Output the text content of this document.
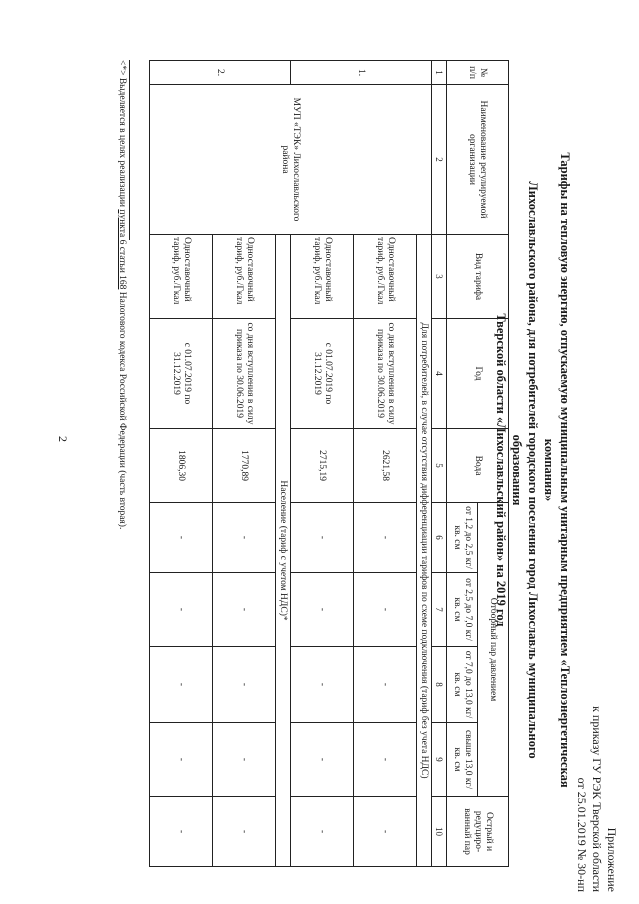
2
Приложение
к приказу ГУ РЭК Тверской области
от 25.01.2019 № 30-нп
Тарифы на тепловую энергию, отпускаемую муниципальным унитарным предприятием «Теплоэнергетическая компания»
Лихославльского района, для потребителей городского поселения город Лихославль муниципального образования
Тверской области «Лихославльский район» на 2019 год
№ п/п	Наименование регулируемой организации	Вид тарифа	Год	Вода	Отборный пар давлением				Острый и редуциро-ванный пар
					от 1,2 до 2,5 кг/кв. см	от 2,5 до 7,0 кг/кв. см	от 7,0 до 13,0 кг/кв. см	свыше 13,0 кг/кв. см	
1	2	3	4	5	6	7	8	9	10
1.	МУП «ТЭК» Лихославльского района	Для потребителей, в случае отсутствия дифференциации тарифов по схеме подключения (тариф без учета НДС)							
		Одноставочный тариф, руб./Гкал	со дня вступления в силу приказа по 30.06.2019	2621,58	-	-	-	-	-
		Одноставочный тариф, руб./Гкал	с 01.07.2019 по 31.12.2019	2715,19	-	-	-	-	-
2.		Население (тариф с учетом НДС)*							
		Одноставочный тариф, руб./Гкал	со дня вступления в силу приказа по 30.06.2019	1770,89	-	-	-	-	-
		Одноставочный тариф, руб./Гкал	с 01.07.2019 по 31.12.2019	1806,30	-	-	-	-	-
<*> Выделяется в целях реализации пункта 6 статьи 168 Налогового кодекса Российской Федерации (часть вторая).
